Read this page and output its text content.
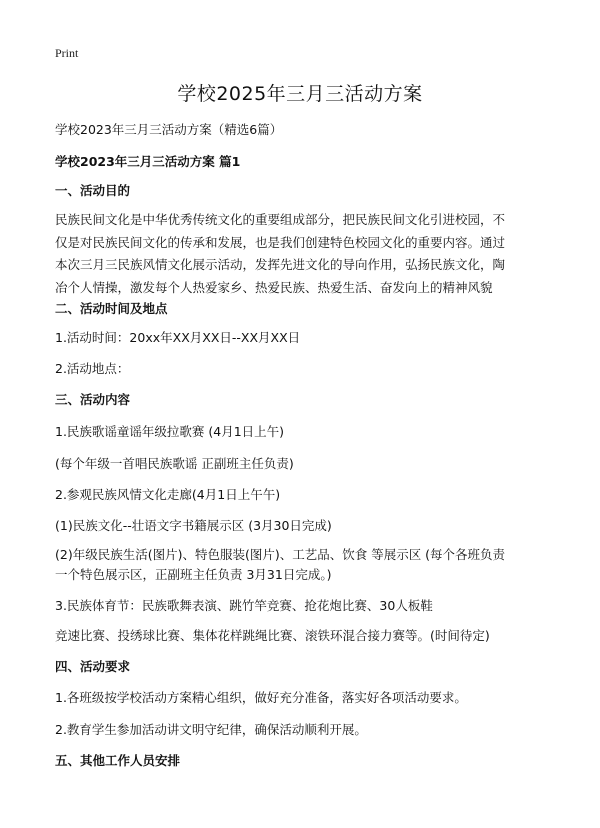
Print
学校2025年三月三活动方案
学校2023年三月三活动方案（精选6篇）
学校2023年三月三活动方案 篇1
一、活动目的
民族民间文化是中华优秀传统文化的重要组成部分，把民族民间文化引进校园，不
仅是对民族民间文化的传承和发展，也是我们创建特色校园文化的重要内容。通过
本次三月三民族风情文化展示活动，发挥先进文化的导向作用，弘扬民族文化，陶
冶个人情操，激发每个人热爱家乡、热爱民族、热爱生活、奋发向上的精神风貌
二、活动时间及地点
1.活动时间：20xx年XX月XX日--XX月XX日
2.活动地点：
三、活动内容
1.民族歌谣童谣年级拉歌赛 (4月1日上午)
(每个年级一首唱民族歌谣 正副班主任负责)
2.参观民族风情文化走廊(4月1日上午午)
(1)民族文化--壮语文字书籍展示区 (3月30日完成)
(2)年级民族生活(图片)、特色服装(图片)、工艺品、饮食 等展示区 (每个各班负责
一个特色展示区，正副班主任负责 3月31日完成。)
3.民族体育节：民族歌舞表演、跳竹竿竞赛、抢花炮比赛、30人板鞋
竞速比赛、投绣球比赛、集体花样跳绳比赛、滚铁环混合接力赛等。(时间待定)
四、活动要求
1.各班级按学校活动方案精心组织，做好充分准备，落实好各项活动要求。
2.教育学生参加活动讲文明守纪律，确保活动顺利开展。
五、其他工作人员安排
